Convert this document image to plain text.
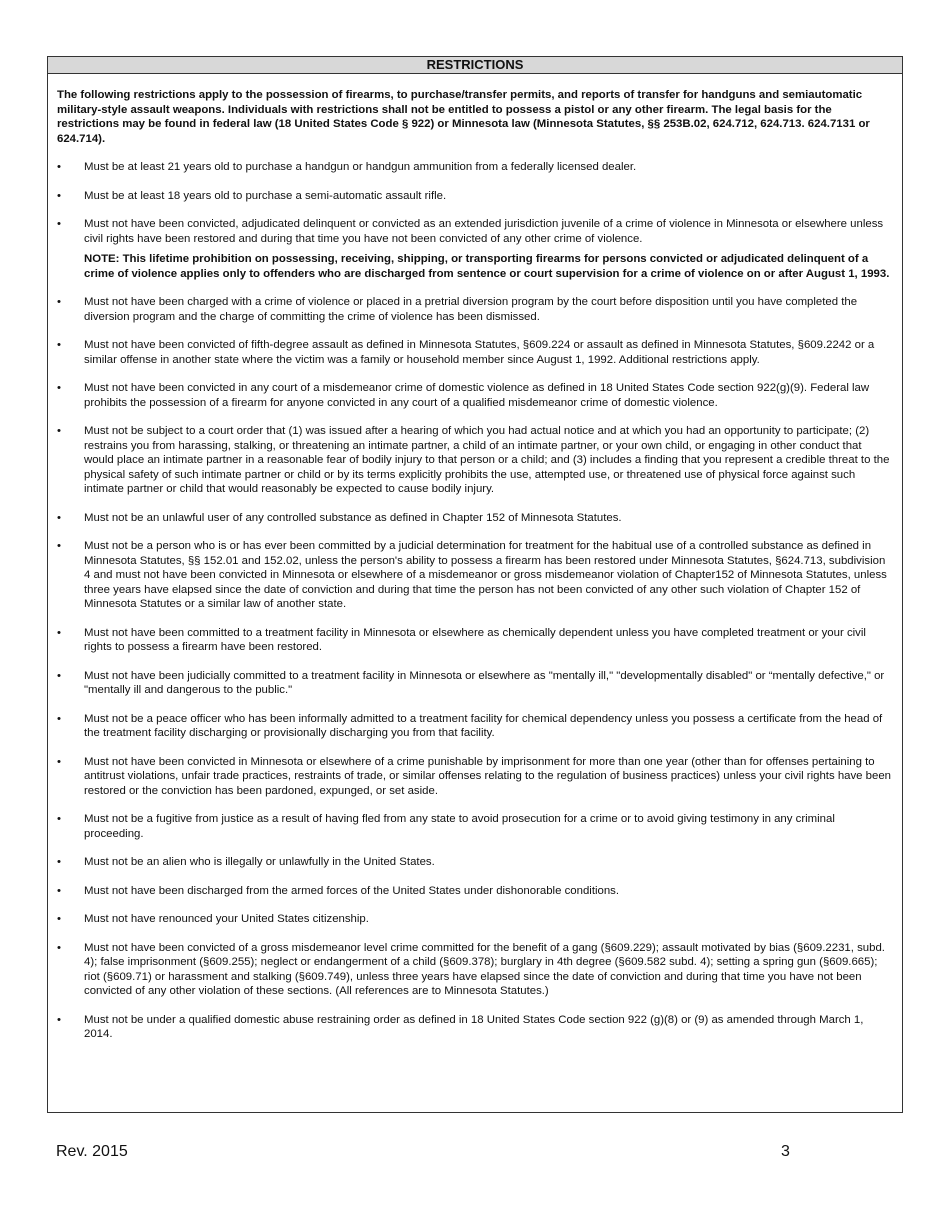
RESTRICTIONS
The following restrictions apply to the possession of firearms, to purchase/transfer permits, and reports of transfer for handguns and semiautomatic military-style assault weapons. Individuals with restrictions shall not be entitled to possess a pistol or any other firearm. The legal basis for the restrictions may be found in federal law (18 United States Code § 922) or Minnesota law (Minnesota Statutes, §§ 253B.02, 624.712, 624.713. 624.7131 or 624.714).
•	Must be at least 21 years old to purchase a handgun or handgun ammunition from a federally licensed dealer.
•	Must be at least 18 years old to purchase a semi-automatic assault rifle.
•	Must not have been convicted, adjudicated delinquent or convicted as an extended jurisdiction juvenile of a crime of violence in Minnesota or elsewhere unless civil rights have been restored and during that time you have not been convicted of any other crime of violence.
NOTE: This lifetime prohibition on possessing, receiving, shipping, or transporting firearms for persons convicted or adjudicated delinquent of a crime of violence applies only to offenders who are discharged from sentence or court supervision for a crime of violence on or after August 1, 1993.
•	Must not have been charged with a crime of violence or placed in a pretrial diversion program by the court before disposition until you have completed the diversion program and the charge of committing the crime of violence has been dismissed.
•	Must not have been convicted of fifth-degree assault as defined in Minnesota Statutes, §609.224 or assault as defined in Minnesota Statutes, §609.2242 or a similar offense in another state where the victim was a family or household member since August 1, 1992. Additional restrictions apply.
•	Must not have been convicted in any court of a misdemeanor crime of domestic violence as defined in 18 United States Code section 922(g)(9). Federal law prohibits the possession of a firearm for anyone convicted in any court of a qualified misdemeanor crime of domestic violence.
•	Must not be subject to a court order that (1) was issued after a hearing of which you had actual notice and at which you had an opportunity to participate; (2) restrains you from harassing, stalking, or threatening an intimate partner, a child of an intimate partner, or your own child, or engaging in other conduct that would place an intimate partner in a reasonable fear of bodily injury to that person or a child; and (3) includes a finding that you represent a credible threat to the physical safety of such intimate partner or child or by its terms explicitly prohibits the use, attempted use, or threatened use of physical force against such intimate partner or child that would reasonably be expected to cause bodily injury.
•	Must not be an unlawful user of any controlled substance as defined in Chapter 152 of Minnesota Statutes.
•	Must not be a person who is or has ever been committed by a judicial determination for treatment for the habitual use of a controlled substance as defined in Minnesota Statutes, §§ 152.01 and 152.02, unless the person's ability to possess a firearm has been restored under Minnesota Statutes, §624.713, subdivision 4 and must not have been convicted in Minnesota or elsewhere of a misdemeanor or gross misdemeanor violation of Chapter152 of Minnesota Statutes, unless three years have elapsed since the date of conviction and during that time the person has not been convicted of any other such violation of Chapter 152 of Minnesota Statutes or a similar law of another state.
•	Must not have been committed to a treatment facility in Minnesota or elsewhere as chemically dependent unless you have completed treatment or your civil rights to possess a firearm have been restored.
•	Must not have been judicially committed to a treatment facility in Minnesota or elsewhere as "mentally ill," "developmentally disabled" or “mentally defective," or "mentally ill and dangerous to the public."
•	Must not be a peace officer who has been informally admitted to a treatment facility for chemical dependency unless you possess a certificate from the head of the treatment facility discharging or provisionally discharging you from that facility.
•	Must not have been convicted in Minnesota or elsewhere of a crime punishable by imprisonment for more than one year (other than for offenses pertaining to antitrust violations, unfair trade practices, restraints of trade, or similar offenses relating to the regulation of business practices) unless your civil rights have been restored or the conviction has been pardoned, expunged, or set aside.
•	Must not be a fugitive from justice as a result of having fled from any state to avoid prosecution for a crime or to avoid giving testimony in any criminal proceeding.
•	Must not be an alien who is illegally or unlawfully in the United States.
•	Must not have been discharged from the armed forces of the United States under dishonorable conditions.
•	Must not have renounced your United States citizenship.
•	Must not have been convicted of a gross misdemeanor level crime committed for the benefit of a gang (§609.229); assault motivated by bias (§609.2231, subd. 4); false imprisonment (§609.255); neglect or endangerment of a child (§609.378); burglary in 4th degree (§609.582 subd. 4); setting a spring gun (§609.665); riot (§609.71) or harassment and stalking (§609.749), unless three years have elapsed since the date of conviction and during that time you have not been convicted of any other violation of these sections. (All references are to Minnesota Statutes.)
•	Must not be under a qualified domestic abuse restraining order as defined in 18 United States Code section 922 (g)(8) or (9) as amended through March 1, 2014.
Rev. 2015	3
